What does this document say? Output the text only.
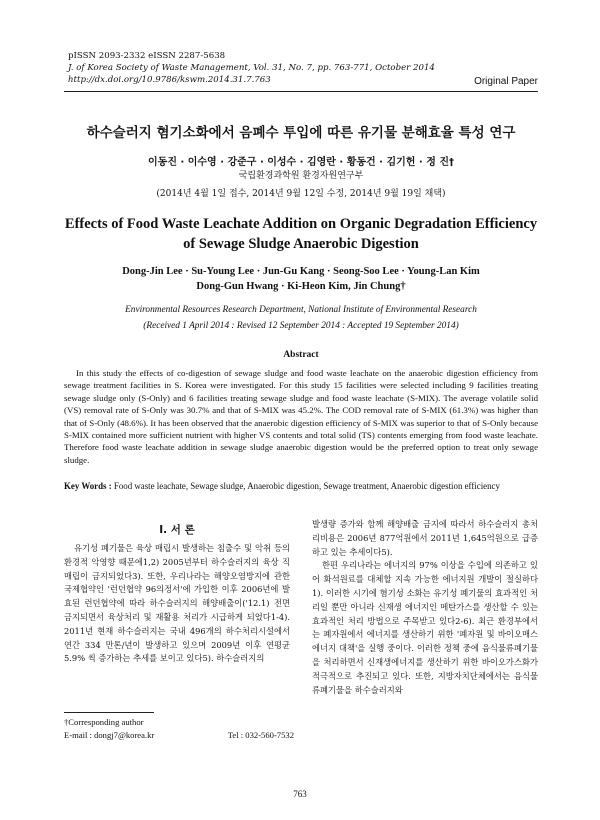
pISSN 2093-2332 eISSN 2287-5638
J. of Korea Society of Waste Management, Vol. 31, No. 7, pp. 763-771, October 2014
http://dx.doi.org/10.9786/kswm.2014.31.7.763	Original Paper
하수슬러지 혐기소화에서 음폐수 투입에 따른 유기물 분해효율 특성 연구
이동진 · 이수영 · 강준구 · 이성수 · 김영란 · 황동건 · 김기헌 · 정 진†
국립환경과학원 환경자원연구부
(2014년 4월 1일 접수, 2014년 9월 12일 수정, 2014년 9월 19일 채택)
Effects of Food Waste Leachate Addition on Organic Degradation Efficiency
of Sewage Sludge Anaerobic Digestion
Dong-Jin Lee · Su-Young Lee · Jun-Gu Kang · Seong-Soo Lee · Young-Lan Kim
Dong-Gun Hwang · Ki-Heon Kim, Jin Chung†
Environmental Resources Research Department, National Institute of Environmental Research
(Received 1 April 2014 : Revised 12 September 2014 : Accepted 19 September 2014)
Abstract

In this study the effects of co-digestion of sewage sludge and food waste leachate on the anaerobic digestion efficiency from sewage treatment facilities in S. Korea were investigated. For this study 15 facilities were selected including 9 facilities treating sewage sludge only (S-Only) and 6 facilities treating sewage sludge and food waste leachate (S-MIX). The average volatile solid (VS) removal rate of S-Only was 30.7% and that of S-MIX was 45.2%. The COD removal rate of S-MIX (61.3%) was higher than that of S-Only (48.6%). It has been observed that the anaerobic digestion efficiency of S-MIX was superior to that of S-Only because S-MIX contained more sufficient nutrient with higher VS contents and total solid (TS) contents emerging from food waste leachate. Therefore food waste leachate addition in sewage sludge anaerobic digestion would be the preferred option to treat only sewage sludge.

Key Words : Food waste leachate, Sewage sludge, Anaerobic digestion, Sewage treatment, Anaerobic digestion efficiency
I. 서 론

유기성 폐기물은 육상 매립시 발생하는 침출수 및 악취 등의 환경적 악영향 때문에1,2) 2005년부터 하수슬러지의 육상 직매립이 금지되었다3). 또한, 우리나라는 해양오염방지에 관한 국제협약인 '런던협약 96의정서'에 가입한 이후 2006년에 발효된 런던협약에 따라 하수슬러지의 해양배출이('12.1) 전면 금지되면서 육상처리 및 재활용 처리가 시급하게 되었다1-4). 2011년 현재 하수슬러지는 국내 496개의 하수처리시설에서 연간 334 만톤/년이 발생하고 있으며 2009년 이후 연평균 5.9% 씩 증가하는 추세를 보이고 있다5). 하수슬러지의

발생량 증가와 함께 해양배출 금지에 따라서 하수슬러지 총처리비용은 2006년 877억원에서 2011년 1,645억원으로 급증하고 있는 추세이다5).

한편 우리나라는 에너지의 97% 이상을 수입에 의존하고 있어 화석원료를 대체할 지속 가능한 에너지원 개발이 절실하다1). 이러한 시기에 혐기성 소화는 유기성 폐기물의 효과적인 처리일 뿐만 아니라 신재생 에너지인 메탄가스를 생산할 수 있는 효과적인 처리 방법으로 주목받고 있다2-6). 최근 환경부에서는 폐자원에서 에너지를 생산하기 위한 '폐자원 및 바이오매스 에너지 대책'을 실행 중이다. 이러한 정책 중에 음식물류폐기물을 처리하면서 신재생에너지를 생산하기 위한 바이오가스화가 적극적으로 추진되고 있다. 또한, 지방자치단체에서는 음식물류폐기물을 하수슬러지와

†Corresponding author
E-mail : dongj7@korea.kr	Tel : 032-560-7532
763
